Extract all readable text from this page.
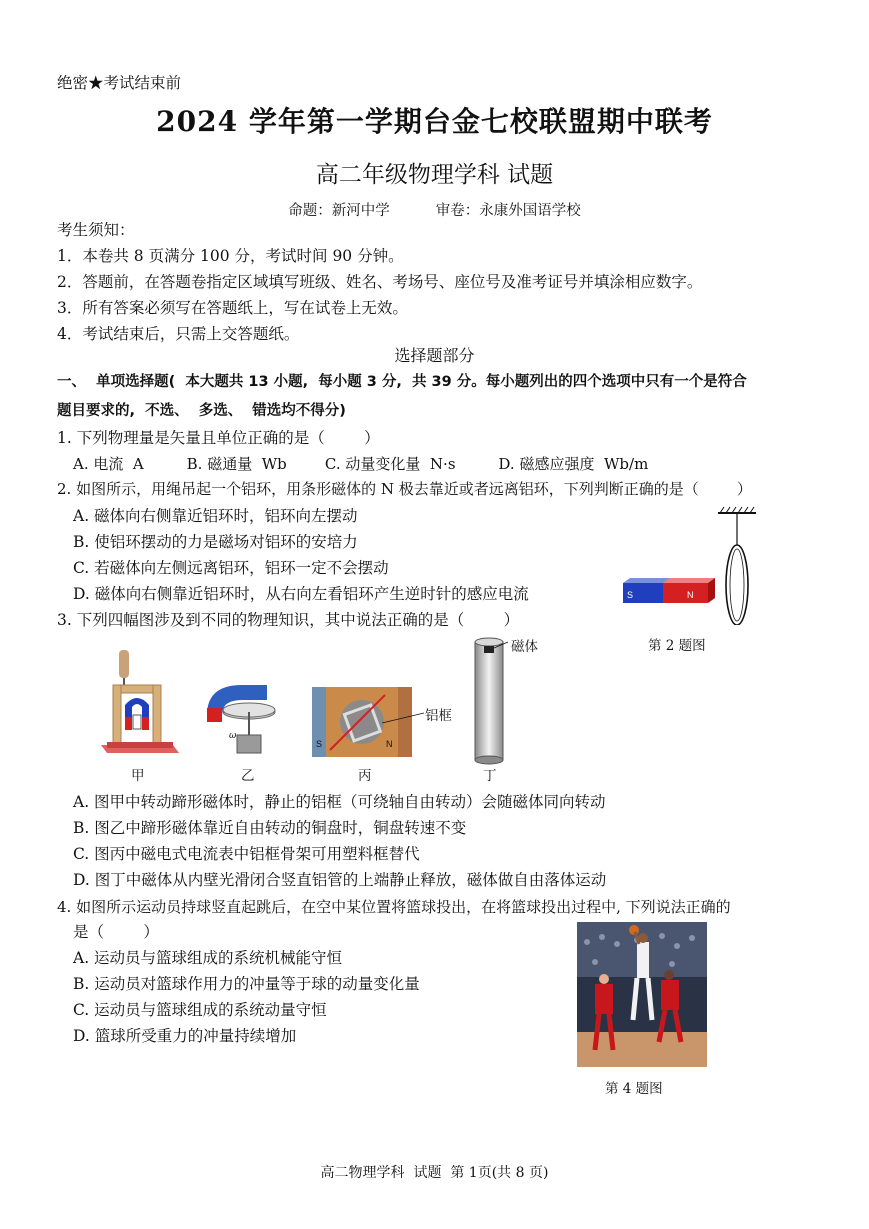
绝密★考试结束前
2024 学年第一学期台金七校联盟期中联考
高二年级物理学科 试题
命题：新河中学          审卷：永康外国语学校
考生须知：
1．本卷共 8 页满分 100 分，考试时间 90 分钟。
2．答题前，在答题卷指定区域填写班级、姓名、考场号、座位号及准考证号并填涂相应数字。
3．所有答案必须写在答题纸上，写在试卷上无效。
4．考试结束后，只需上交答题纸。
选择题部分
一、  单项选择题(  本大题共 13 小题,  每小题 3 分,  共 39 分。每小题列出的四个选项中只有一个是符合
题目要求的,  不选、  多选、  错选均不得分)
1. 下列物理量是矢量且单位正确的是（        ）
A. 电流  A         B. 磁通量  Wb        C. 动量变化量  N·s         D. 磁感应强度  Wb/m
2. 如图所示，用绳吊起一个铝环，用条形磁体的 N 极去靠近或者远离铝环，下列判断正确的是（        ）
A. 磁体向右侧靠近铝环时，铝环向左摆动
B. 使铝环摆动的力是磁场对铝环的安培力
C. 若磁体向左侧远离铝环，铝环一定不会摆动
D. 磁体向右侧靠近铝环时，从右向左看铝环产生逆时针的感应电流	S	N
第 2 题图
3. 下列四幅图涉及到不同的物理知识，其中说法正确的是（        ）
ω
S	N
铝框
磁体
甲	乙	丙	丁
A. 图甲中转动蹄形磁体时，静止的铝框（可绕轴自由转动）会随磁体同向转动
B. 图乙中蹄形磁体靠近自由转动的铜盘时，铜盘转速不变
C. 图丙中磁电式电流表中铝框骨架可用塑料框替代
D. 图丁中磁体从内壁光滑闭合竖直铝管的上端静止释放，磁体做自由落体运动
4. 如图所示运动员持球竖直起跳后，在空中某位置将篮球投出，在将篮球投出过程中, 下列说法正确的
是（        ）
A. 运动员与篮球组成的系统机械能守恒
B. 运动员对篮球作用力的冲量等于球的动量变化量
C. 运动员与篮球组成的系统动量守恒
D. 篮球所受重力的冲量持续增加
第 4 题图
高二物理学科  试题  第 1页(共 8 页)
